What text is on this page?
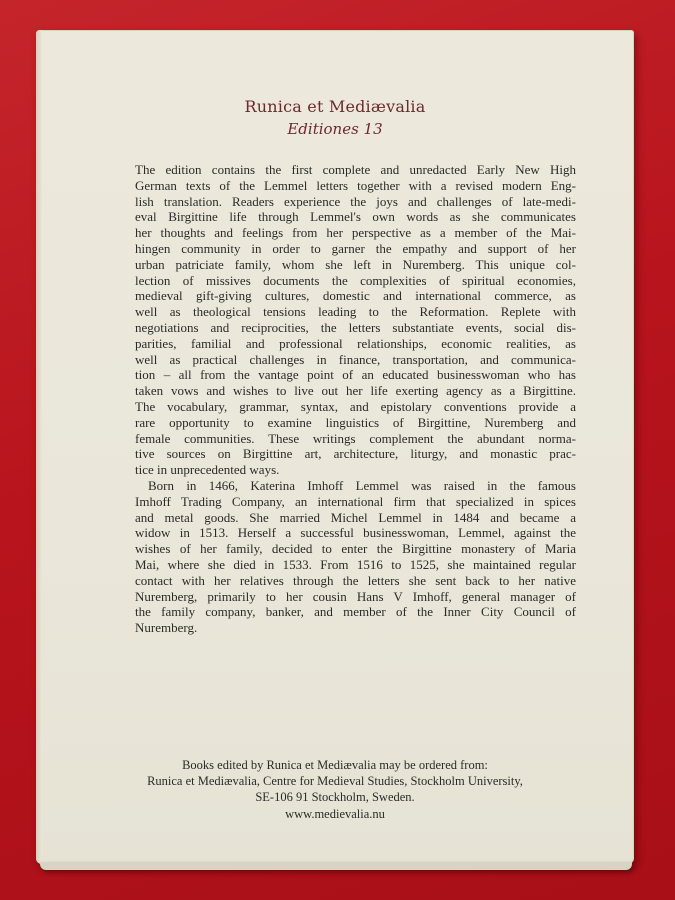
Runica et Mediævalia
Editiones 13
The edition contains the first complete and unredacted Early New High
German texts of the Lemmel letters together with a revised modern Eng-
lish translation. Readers experience the joys and challenges of late-medi-
eval Birgittine life through Lemmel's own words as she communicates
her thoughts and feelings from her perspective as a member of the Mai-
hingen community in order to garner the empathy and support of her
urban patriciate family, whom she left in Nuremberg. This unique col-
lection of missives documents the complexities of spiritual economies,
medieval gift-giving cultures, domestic and international commerce, as
well as theological tensions leading to the Reformation. Replete with
negotiations and reciprocities, the letters substantiate events, social dis-
parities, familial and professional relationships, economic realities, as
well as practical challenges in finance, transportation, and communica-
tion – all from the vantage point of an educated businesswoman who has
taken vows and wishes to live out her life exerting agency as a Birgittine.
The vocabulary, grammar, syntax, and epistolary conventions provide a
rare opportunity to examine linguistics of Birgittine, Nuremberg and
female communities. These writings complement the abundant norma-
tive sources on Birgittine art, architecture, liturgy, and monastic prac-
tice in unprecedented ways.
Born in 1466, Katerina Imhoff Lemmel was raised in the famous
Imhoff Trading Company, an international firm that specialized in spices
and metal goods. She married Michel Lemmel in 1484 and became a
widow in 1513. Herself a successful businesswoman, Lemmel, against the
wishes of her family, decided to enter the Birgittine monastery of Maria
Mai, where she died in 1533. From 1516 to 1525, she maintained regular
contact with her relatives through the letters she sent back to her native
Nuremberg, primarily to her cousin Hans V Imhoff, general manager of
the family company, banker, and member of the Inner City Council of
Nuremberg.
Books edited by Runica et Mediævalia may be ordered from:
Runica et Mediævalia, Centre for Medieval Studies, Stockholm University,
SE-106 91 Stockholm, Sweden.
www.medievalia.nu
